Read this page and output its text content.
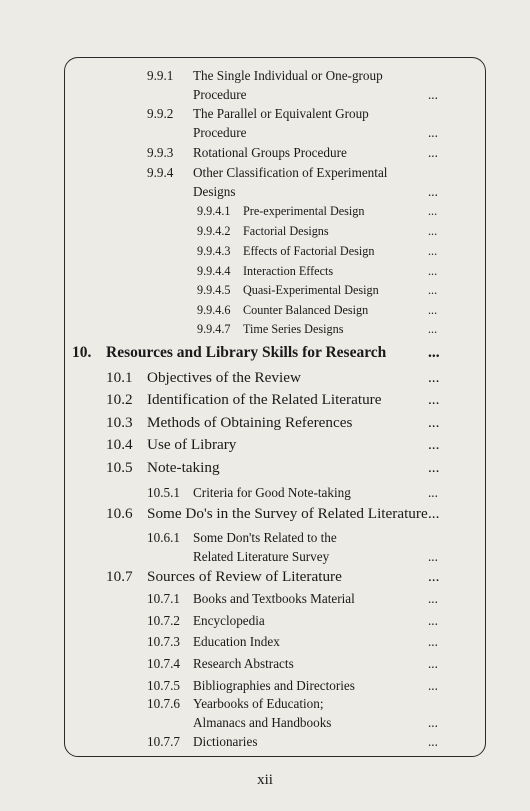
9.9.1 The Single Individual or One-group
Procedure	...
9.9.2 The Parallel or Equivalent Group
Procedure	...
9.9.3 Rotational Groups Procedure	...
9.9.4 Other Classification of Experimental
Designs	...
9.9.4.1 Pre-experimental Design	...
9.9.4.2 Factorial Designs	...
9.9.4.3 Effects of Factorial Design	...
9.9.4.4 Interaction Effects	...
9.9.4.5 Quasi-Experimental Design	...
9.9.4.6 Counter Balanced Design	...
9.9.4.7 Time Series Designs	...
10. Resources and Library Skills for Research	...
10.1 Objectives of the Review	...
10.2 Identification of the Related Literature	...
10.3 Methods of Obtaining References	...
10.4 Use of Library	...
10.5 Note-taking	...
10.5.1 Criteria for Good Note-taking	...
10.6 Some Do's in the Survey of Related Literature ...
10.6.1 Some Don'ts Related to the
Related Literature Survey	...
10.7 Sources of Review of Literature	...
10.7.1 Books and Textbooks Material	...
10.7.2 Encyclopedia	...
10.7.3 Education Index	...
10.7.4 Research Abstracts	...
10.7.5 Bibliographies and Directories	...
10.7.6 Yearbooks of Education;
Almanacs and Handbooks	...
10.7.7 Dictionaries	...
xii
